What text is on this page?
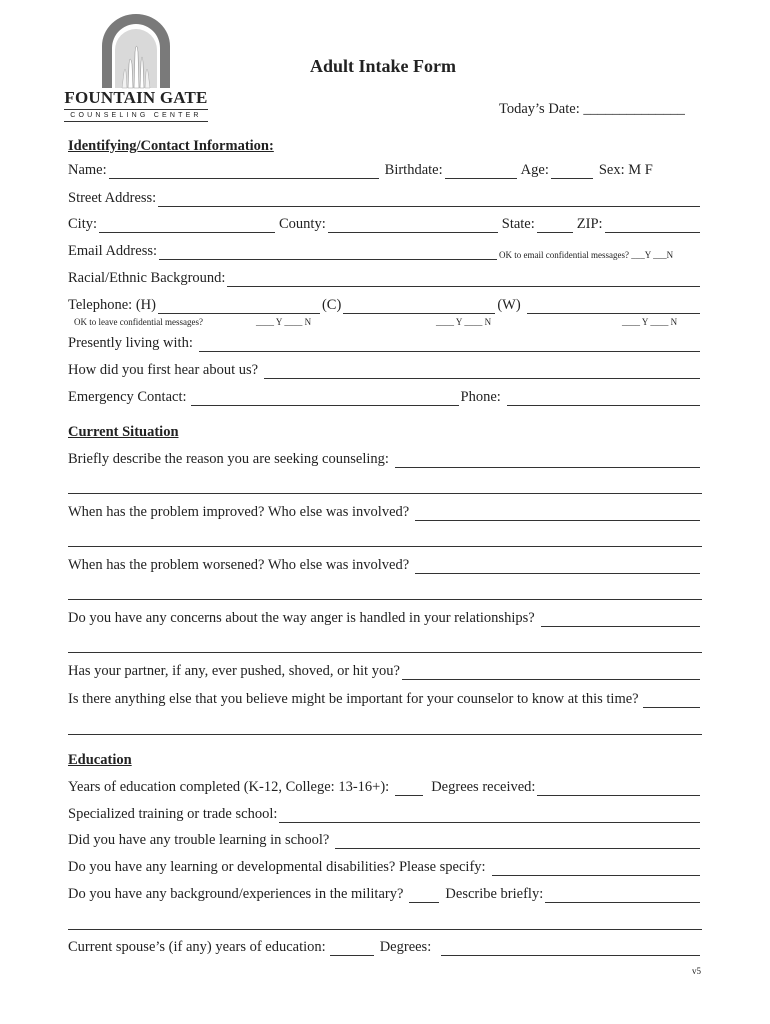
FOUNTAIN GATE
COUNSELING CENTER
Adult Intake Form
Today’s Date: ______________
Identifying/Contact Information:
Name:	Birthdate:	Age:	Sex: M F
Street Address:
City:	County:	State:	ZIP:
Email Address:	OK to email confidential messages? ___Y ___N
Racial/Ethnic Background:
Telephone: (H)	(C)	(W)
OK to leave confidential messages?	____ Y ____ N	____ Y ____ N	____ Y ____ N
Presently living with:
How did you first hear about us?
Emergency Contact:	Phone:
Current Situation
Briefly describe the reason you are seeking counseling:
When has the problem improved? Who else was involved?
When has the problem worsened? Who else was involved?
Do you have any concerns about the way anger is handled in your relationships?
Has your partner, if any, ever pushed, shoved, or hit you?
Is there anything else that you believe might be important for your counselor to know at this time?
Education
Years of education completed (K-12, College: 13-16+):	Degrees received:
Specialized training or trade school:
Did you have any trouble learning in school?
Do you have any learning or developmental disabilities? Please specify:
Do you have any background/experiences in the military?	Describe briefly:
Current spouse’s (if any) years of education:	Degrees:
v5
